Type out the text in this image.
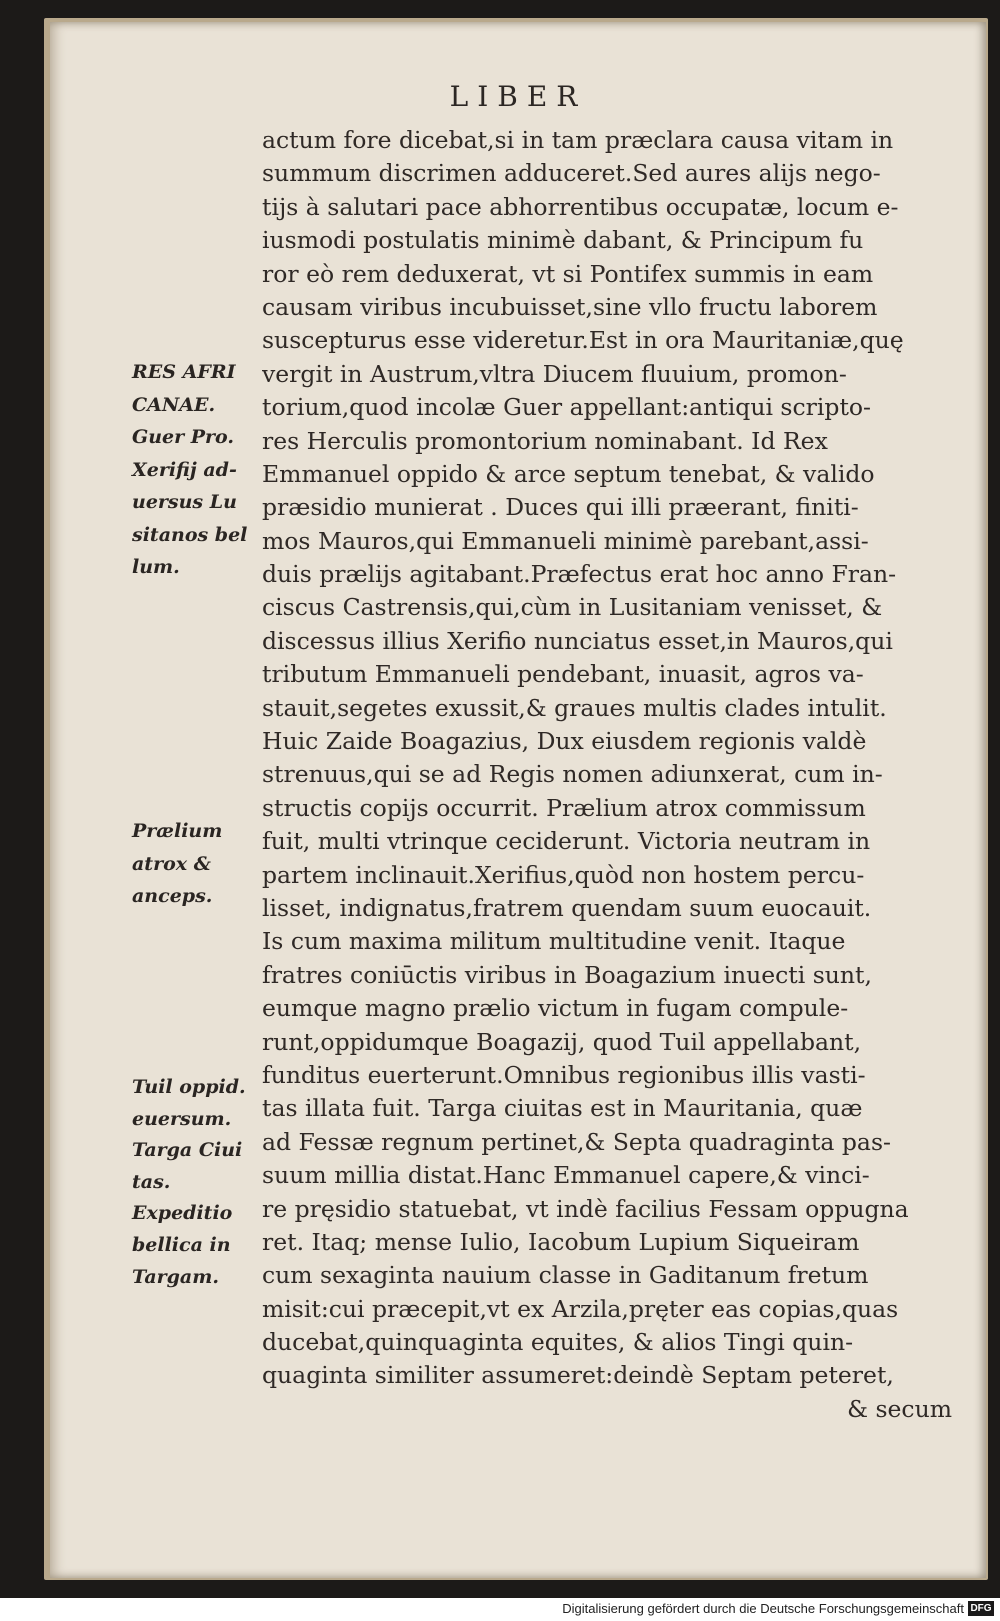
LIBER
actum fore dicebat,si in tam præclara causa vitam in
summum discrimen adduceret.Sed aures alijs nego-
tijs à salutari pace abhorrentibus occupatæ, locum e-
iusmodi postulatis minimè dabant, & Principum fu
ror eò rem deduxerat, vt si Pontifex summis in eam
causam viribus incubuisset,sine vllo fructu laborem
suscepturus esse videretur.Est in ora Mauritaniæ,quę
vergit in Austrum,vltra Diucem fluuium, promon-
torium,quod incolæ Guer appellant:antiqui scripto-
res Herculis promontorium nominabant. Id Rex
Emmanuel oppido & arce septum tenebat, & valido
præsidio munierat . Duces qui illi præerant, finiti-
mos Mauros,qui Emmanueli minimè parebant,assi-
duis prælijs agitabant.Præfectus erat hoc anno Fran-
ciscus Castrensis,qui,cùm in Lusitaniam venisset, &
discessus illius Xerifio nunciatus esset,in Mauros,qui
tributum Emmanueli pendebant, inuasit, agros va-
stauit,segetes exussit,& graues multis clades intulit.
Huic Zaide Boagazius, Dux eiusdem regionis valdè
strenuus,qui se ad Regis nomen adiunxerat, cum in-
structis copijs occurrit. Prælium atrox commissum
fuit, multi vtrinque ceciderunt. Victoria neutram in
partem inclinauit.Xerifius,quòd non hostem percu-
lisset, indignatus,fratrem quendam suum euocauit.
Is cum maxima militum multitudine venit. Itaque
fratres coniūctis viribus in Boagazium inuecti sunt,
eumque magno prælio victum in fugam compule-
runt,oppidumque Boagazij, quod Tuil appellabant,
funditus euerterunt.Omnibus regionibus illis vasti-
tas illata fuit. Targa ciuitas est in Mauritania, quæ
ad Fessæ regnum pertinet,& Septa quadraginta pas-
suum millia distat.Hanc Emmanuel capere,& vinci-
re pręsidio statuebat, vt indè facilius Fessam oppugna
ret. Itaq; mense Iulio, Iacobum Lupium Siqueiram
cum sexaginta nauium classe in Gaditanum fretum
misit:cui præcepit,vt ex Arzila,pręter eas copias,quas
ducebat,quinquaginta equites, & alios Tingi quin-
quaginta similiter assumeret:deindè Septam peteret,
& secum
RES AFRI
CANAE.
Guer Pro.
Xerifij ad-
uersus Lu
sitanos bel
lum.
Prælium
atrox &
anceps.
Tuil oppid.
euersum.
Targa Ciui
tas.
Expeditio
bellica in
Targam.
Digitalisierung gefördert durch die Deutsche Forschungsgemeinschaft DFG
